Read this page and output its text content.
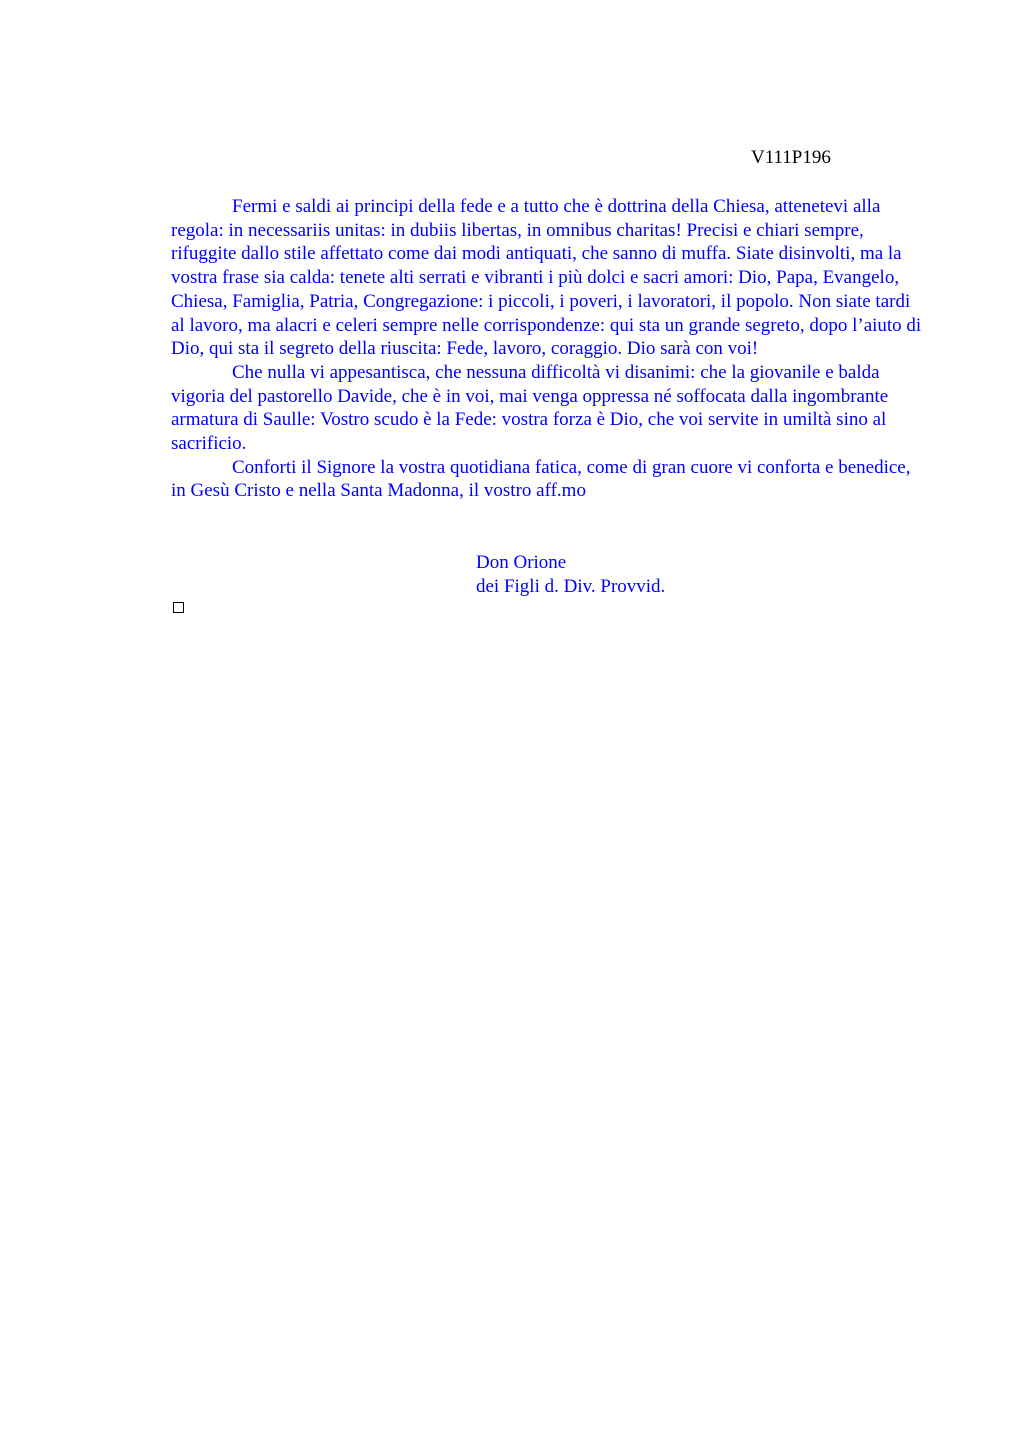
V111P196

Fermi e saldi ai principi della fede e a tutto che è dottrina della Chiesa, attenetevi alla regola: in necessariis unitas: in dubiis libertas, in omnibus charitas! Precisi e chiari sempre, rifuggite dallo stile affettato come dai modi antiquati, che sanno di muffa. Siate disinvolti, ma la vostra frase sia calda: tenete alti serrati e vibranti i più dolci e sacri amori: Dio, Papa, Evangelo, Chiesa, Famiglia, Patria, Congregazione: i piccoli, i poveri, i lavoratori, il popolo. Non siate tardi al lavoro, ma alacri e celeri sempre nelle corrispondenze: qui sta un grande segreto, dopo l’aiuto di Dio, qui sta il segreto della riuscita: Fede, lavoro, coraggio. Dio sarà con voi!

Che nulla vi appesantisca, che nessuna difficoltà vi disanimi: che la giovanile e balda vigoria del pastorello Davide, che è in voi, mai venga oppressa né soffocata dalla ingombrante armatura di Saulle: Vostro scudo è la Fede: vostra forza è Dio, che voi servite in umiltà sino al sacrificio.

Conforti il Signore la vostra quotidiana fatica, come di gran cuore vi conforta e benedice, in Gesù Cristo e nella Santa Madonna, il vostro aff.mo

Don Orione
dei Figli d. Div. Provvid.
